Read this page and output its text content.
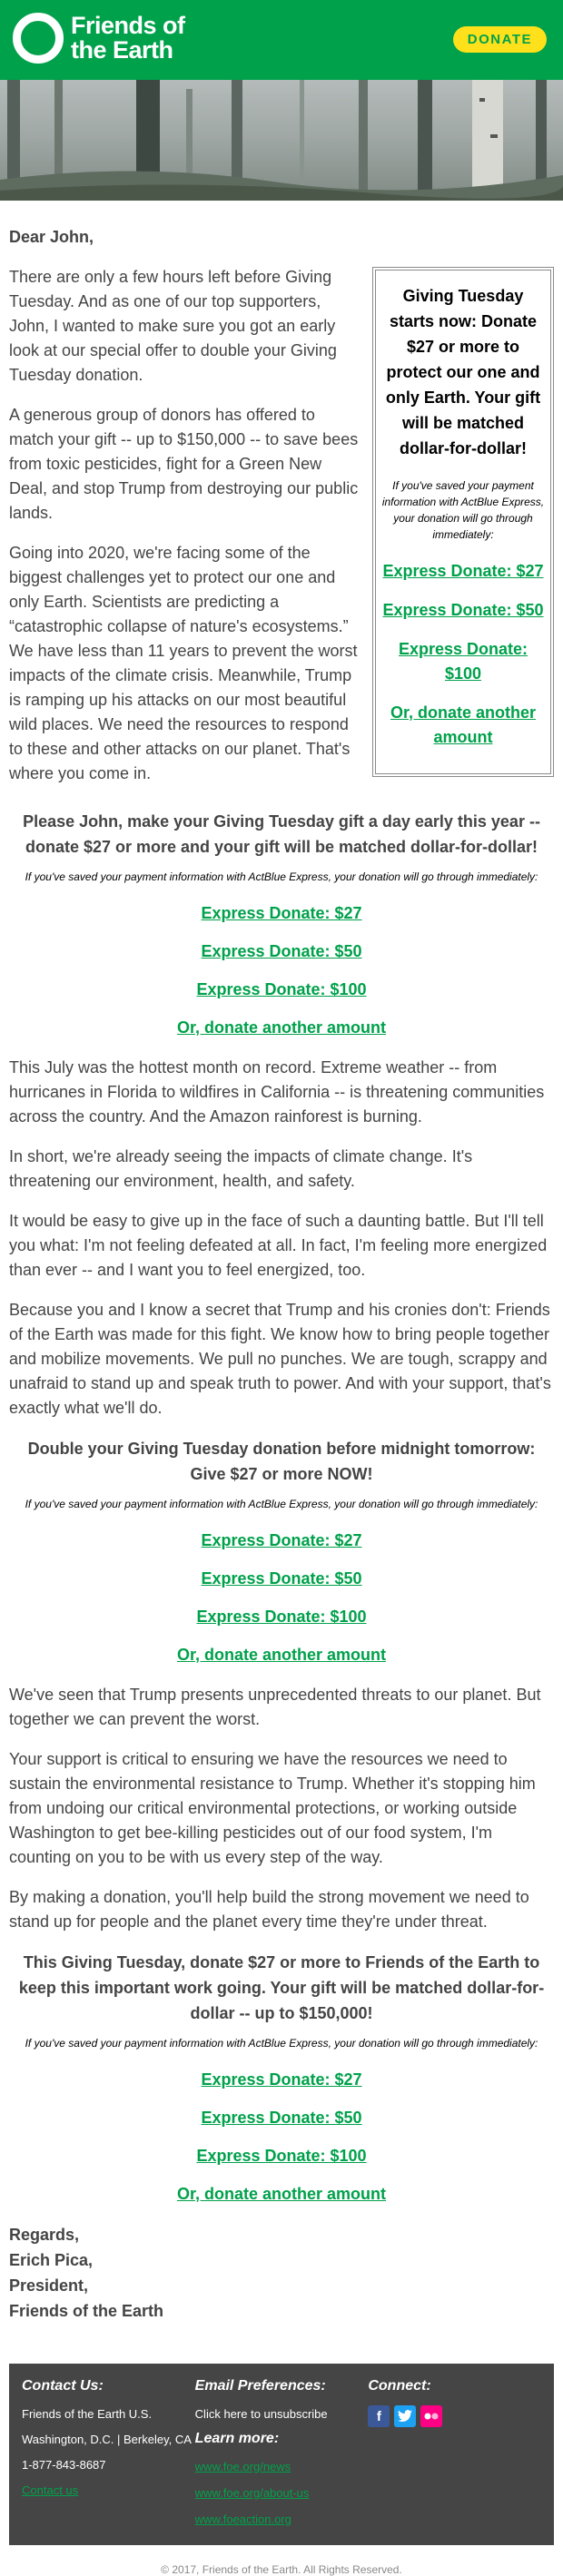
Friends of
the Earth	DONATE
Dear John,
Giving Tuesday starts now: Donate $27 or more to protect our one and only Earth. Your gift will be matched dollar-for-dollar!
If you've saved your payment information with ActBlue Express, your donation will go through immediately:
Express Donate: $27
Express Donate: $50
Express Donate: $100
Or, donate another amount

There are only a few hours left before Giving Tuesday. And as one of our top supporters, John, I wanted to make sure you got an early look at our special offer to double your Giving Tuesday donation.

A generous group of donors has offered to match your gift -- up to $150,000 -- to save bees from toxic pesticides, fight for a Green New Deal, and stop Trump from destroying our public lands.

Going into 2020, we're facing some of the biggest challenges yet to protect our one and only Earth. Scientists are predicting a “catastrophic collapse of nature's ecosystems.” We have less than 11 years to prevent the worst impacts of the climate crisis. Meanwhile, Trump is ramping up his attacks on our most beautiful wild places. We need the resources to respond to these and other attacks on our planet. That's where you come in.

Please John, make your Giving Tuesday gift a day early this year -- donate $27 or more and your gift will be matched dollar-for-dollar!
If you've saved your payment information with ActBlue Express, your donation will go through immediately:
Express Donate: $27
Express Donate: $50
Express Donate: $100
Or, donate another amount

This July was the hottest month on record. Extreme weather -- from hurricanes in Florida to wildfires in California -- is threatening communities across the country. And the Amazon rainforest is burning.

In short, we're already seeing the impacts of climate change. It's threatening our environment, health, and safety.

It would be easy to give up in the face of such a daunting battle. But I'll tell you what: I'm not feeling defeated at all. In fact, I'm feeling more energized than ever -- and I want you to feel energized, too.

Because you and I know a secret that Trump and his cronies don't: Friends of the Earth was made for this fight. We know how to bring people together and mobilize movements. We pull no punches. We are tough, scrappy and unafraid to stand up and speak truth to power. And with your support, that's exactly what we'll do.

Double your Giving Tuesday donation before midnight tomorrow: Give $27 or more NOW!
If you've saved your payment information with ActBlue Express, your donation will go through immediately:
Express Donate: $27
Express Donate: $50
Express Donate: $100
Or, donate another amount

We've seen that Trump presents unprecedented threats to our planet. But together we can prevent the worst.

Your support is critical to ensuring we have the resources we need to sustain the environmental resistance to Trump. Whether it's stopping him from undoing our critical environmental protections, or working outside Washington to get bee-killing pesticides out of our food system, I'm counting on you to be with us every step of the way.

By making a donation, you'll help build the strong movement we need to stand up for people and the planet every time they're under threat.

This Giving Tuesday, donate $27 or more to Friends of the Earth to keep this important work going. Your gift will be matched dollar-for-dollar -- up to $150,000!
If you've saved your payment information with ActBlue Express, your donation will go through immediately:
Express Donate: $27
Express Donate: $50
Express Donate: $100
Or, donate another amount
Regards,
Erich Pica,
President,
Friends of the Earth
Contact Us:
Friends of the Earth U.S.
Washington, D.C. | Berkeley, CA
1-877-843-8687
Contact us
Email Preferences:
Click here to unsubscribe
Learn more:
www.foe.org/news
www.foe.org/about-us
www.foeaction.org
Connect:
f
© 2017, Friends of the Earth. All Rights Reserved.
